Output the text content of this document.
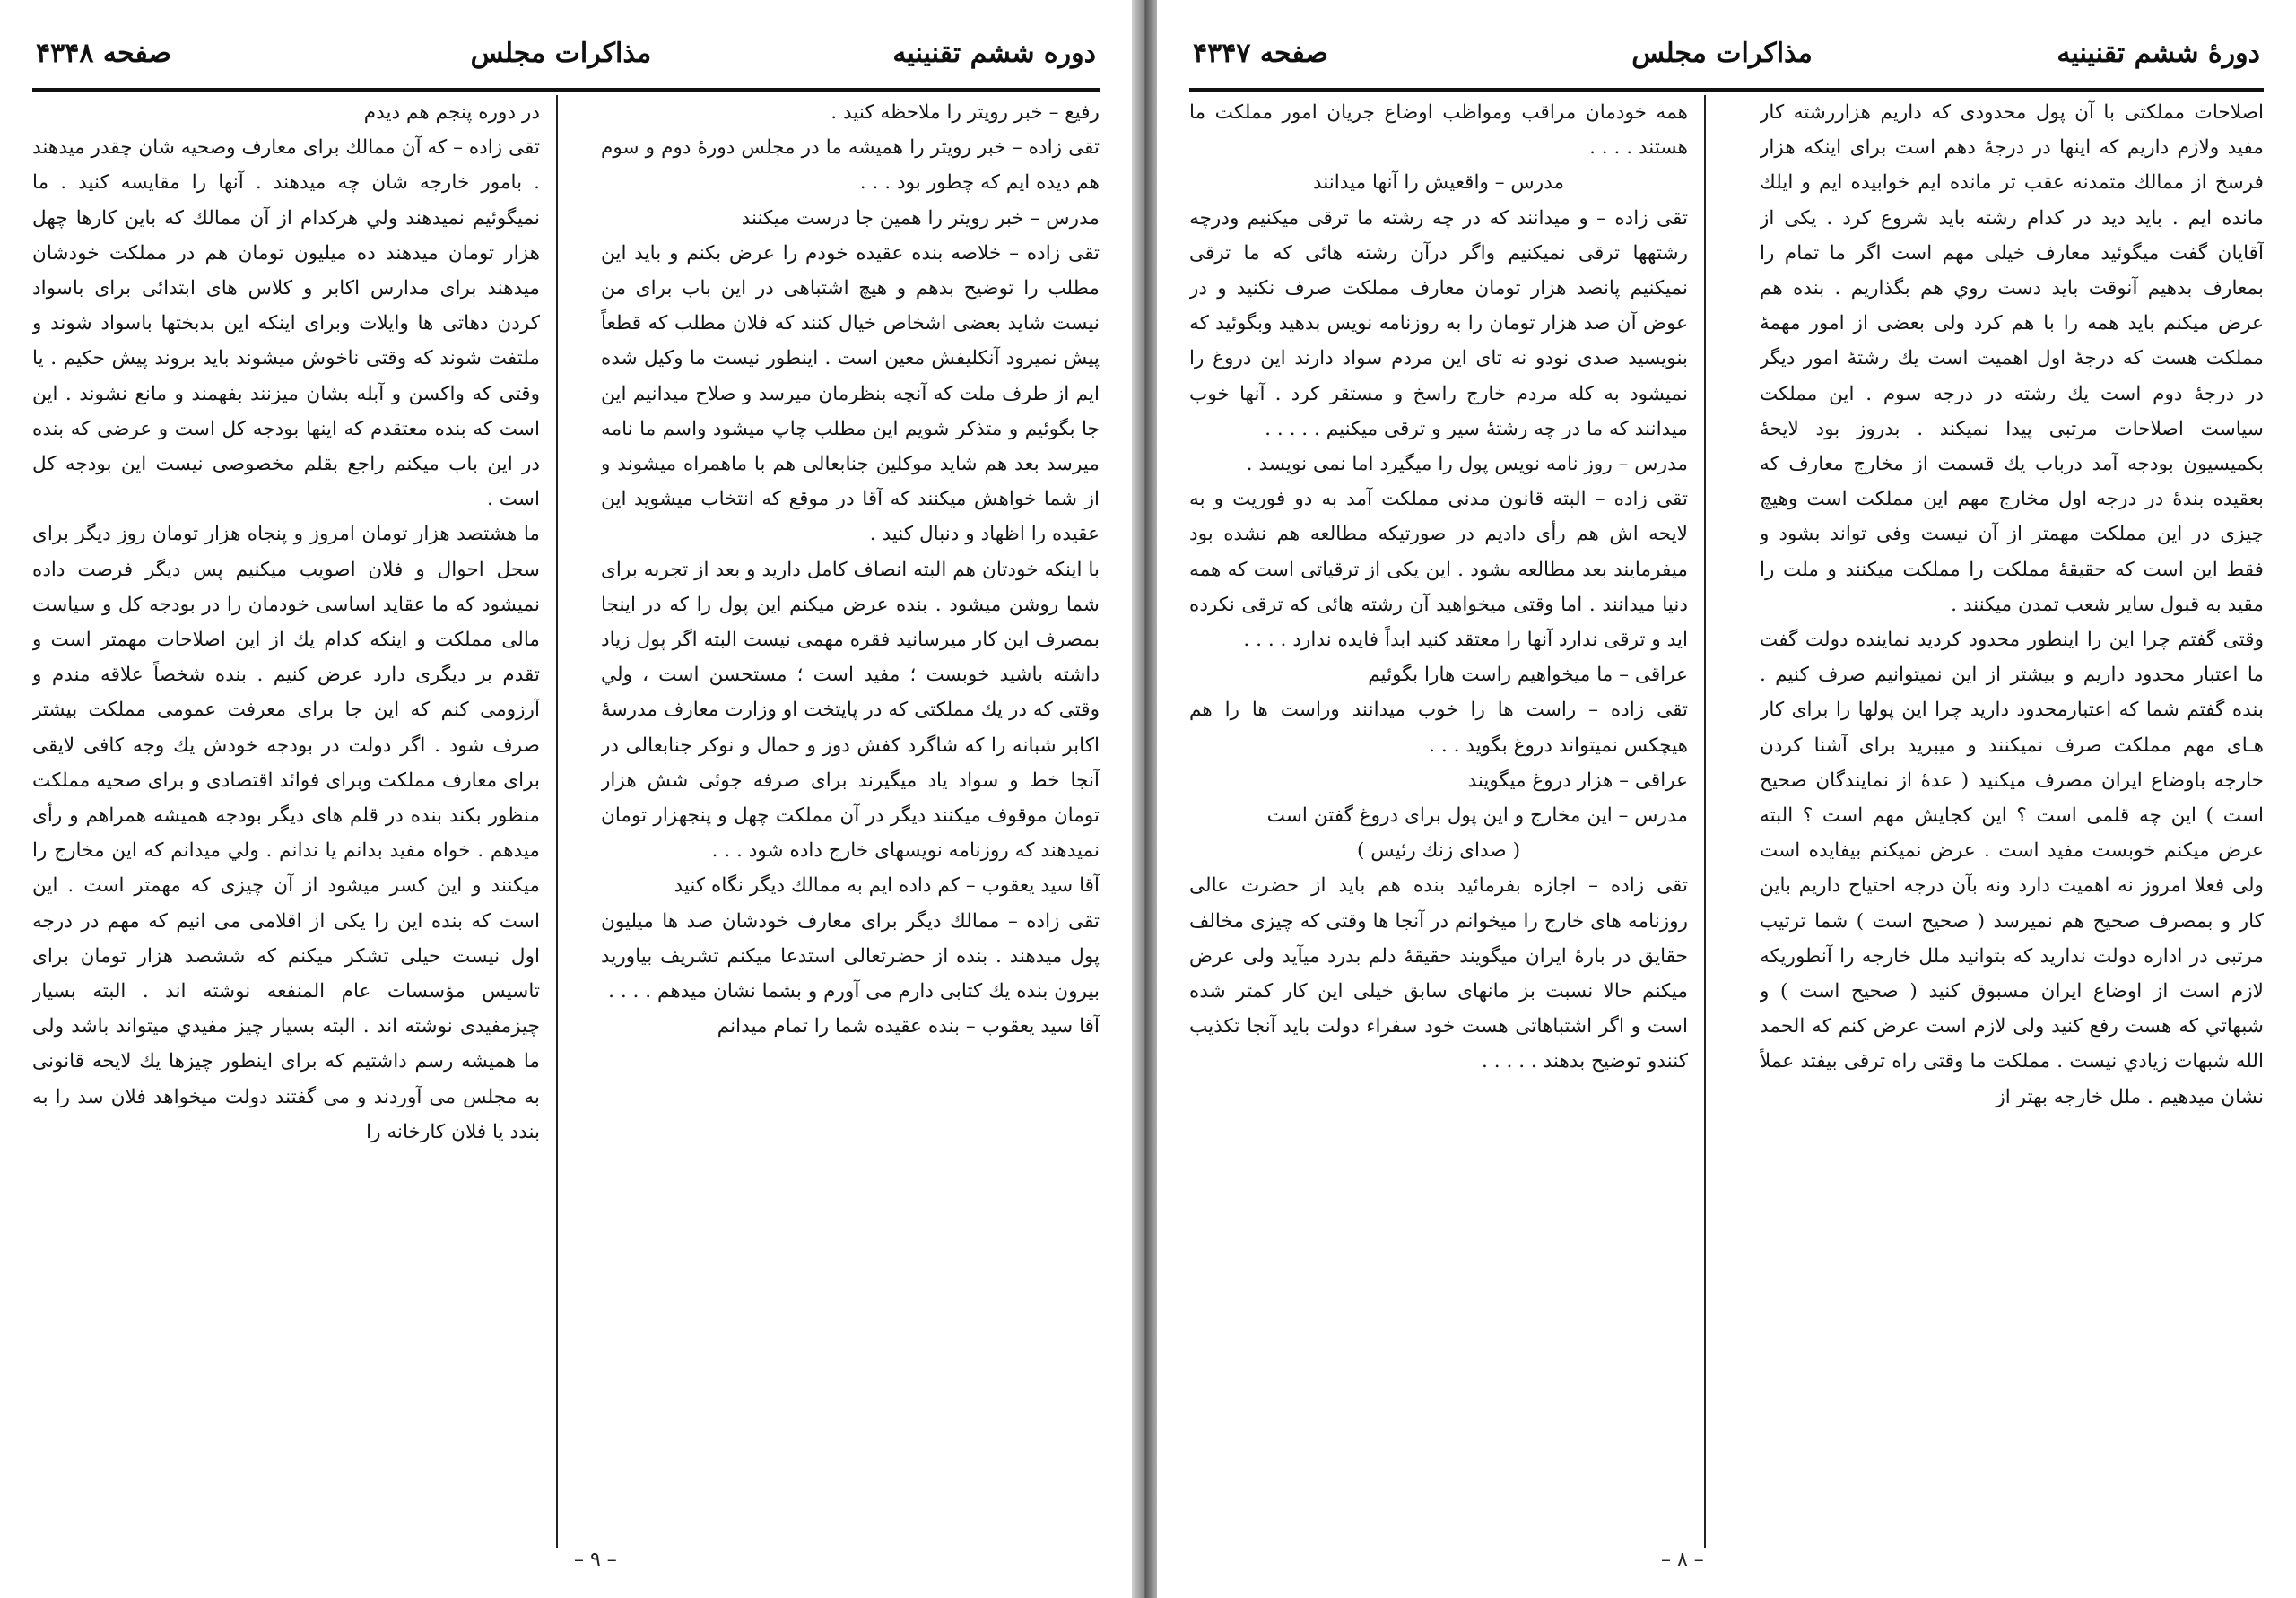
دوره ششم تقنینیه
مذاکرات مجلس
صفحه ۴۳۴۸

رفیع – خبر رویتر را ملاحظه کنید .

تقی زاده – خبر رویتر را همیشه ما در مجلس دورهٔ دوم و سوم هم دیده ایم که چطور بود . . .

مدرس – خبر رویتر را همین جا درست میکنند

تقی زاده – خلاصه بنده عقیده خودم را عرض بکنم و باید این مطلب را توضیح بدهم و هیچ اشتباهی در این باب برای من نیست شاید بعضی اشخاص خیال کنند که فلان مطلب که قطعاً پیش نمیرود آنکلیفش معین است . اینطور نیست ما وکیل شده ایم از طرف ملت که آنچه بنظرمان میرسد و صلاح میدانیم این جا بگوئیم و متذکر شویم این مطلب چاپ میشود واسم ما نامه میرسد بعد هم شاید موکلین جنابعالی هم با ماهمراه میشوند و از شما خواهش میکنند که آقا در موقع که انتخاب میشوید این عقیده را اظهاد و دنبال کنید .

با اینکه خودتان هم البته انصاف کامل دارید و بعد از تجربه برای شما روشن میشود . بنده عرض میکنم این پول را که در اینجا بمصرف این کار میرسانید فقره مهمی نیست البته اگر پول زیاد داشته باشید خوبست ؛ مفید است ؛ مستحسن است ، ولي وقتی که در یك مملکتی که در پایتخت او وزارت معارف مدرسهٔ اکابر شبانه را که شاگرد کفش دوز و حمال و نوکر جنابعالی در آنجا خط و سواد یاد میگیرند برای صرفه جوئی شش هزار تومان موقوف میکنند دیگر در آن مملکت چهل و پنجهزار تومان نمیدهند که روزنامه نویسهای خارج داده شود . . .

آقا سید یعقوب – کم داده ایم به ممالك دیگر نگاه کنید

تقی زاده – ممالك دیگر برای معارف خودشان صد ها میلیون پول میدهند . بنده از حضرتعالی استدعا میکنم تشریف بیاورید بیرون بنده یك کتابی دارم می آورم و بشما نشان میدهم . . . .

آقا سید یعقوب – بنده عقیده شما را تمام میدانم

در دوره پنجم هم دیدم

تقی زاده – که آن ممالك برای معارف وصحیه شان چقدر میدهند . بامور خارجه شان چه میدهند . آنها را مقایسه کنید . ما نمیگوئیم نمیدهند ولي هرکدام از آن ممالك که باین کارها چهل هزار تومان میدهند ده میلیون تومان هم در مملکت خودشان میدهند برای مدارس اکابر و کلاس های ابتدائی برای باسواد کردن دهاتی ها وایلات وبرای اینکه این بدبختها باسواد شوند و ملتفت شوند که وقتی ناخوش میشوند باید بروند پیش حکیم . یا وقتی که واکسن و آبله بشان میزنند بفهمند و مانع نشوند . این است که بنده معتقدم که اینها بودجه کل است و عرضی که بنده در این باب میکنم راجع بقلم مخصوصی نیست این بودجه کل است .

ما هشتصد هزار تومان امروز و پنجاه هزار تومان روز دیگر برای سجل احوال و فلان اصویب میکنیم پس دیگر فرصت داده نمیشود که ما عقاید اساسی خودمان را در بودجه کل و سیاست مالی مملکت و اینکه کدام یك از این اصلاحات مهمتر است و تقدم بر دیگری دارد عرض کنیم . بنده شخصاً علاقه مندم و آرزومی کنم که این جا برای معرفت عمومی مملکت بیشتر صرف شود . اگر دولت در بودجه خودش یك وجه کافی لایقی برای معارف مملکت وبرای فوائد اقتصادی و برای صحیه مملکت منظور بکند بنده در قلم های دیگر بودجه همیشه همراهم و رأی میدهم . خواه مفید بدانم یا ندانم . ولي میدانم که این مخارج را میکنند و این کسر میشود از آن چیزی که مهمتر است . این است که بنده این را یکی از اقلامی می انیم که مهم در درجه اول نیست حیلی تشکر میکنم که ششصد هزار تومان برای تاسیس مؤسسات عام المنفعه نوشته اند . البته بسیار چیزمفیدی نوشته اند . البته بسیار چیز مفیدي میتواند باشد ولی ما همیشه رسم داشتیم که برای اینطور چیزها یك لایحه قانونی به مجلس می آوردند و می گفتند دولت میخواهد فلان سد را به بندد یا فلان کارخانه را

– ۹ –
دورهٔ ششم تقنینیه
مذاکرات مجلس
صفحه ۴۳۴۷

اصلاحات مملکتی با آن پول محدودی که داریم هزاررشته کار مفید ولازم داریم که اینها در درجهٔ دهم است برای اینکه هزار فرسخ از ممالك متمدنه عقب تر مانده ایم خوابیده ایم و ایلك مانده ایم . باید دید در کدام رشته باید شروع کرد . یکی از آقایان گفت میگوئید معارف خیلی مهم است اگر ما تمام را بمعارف بدهیم آنوقت باید دست روي هم بگذاریم . بنده هم عرض میکنم باید همه را با هم کرد ولی بعضی از امور مهمهٔ مملکت هست که درجهٔ اول اهمیت است یك رشتهٔ امور دیگر در درجهٔ دوم است یك رشته در درجه سوم . این مملکت سیاست اصلاحات مرتبی پیدا نمیکند . بدروز بود لایحهٔ بکمیسیون بودجه آمد درباب یك قسمت از مخارج معارف که بعقیده بندهٔ در درجه اول مخارج مهم این مملکت است وهیچ چیزی در این مملکت مهمتر از آن نیست وفی تواند بشود و فقط این است که حقیقهٔ مملکت را مملکت میکنند و ملت را مقید به قبول سایر شعب تمدن میکنند .

وقتی گفتم چرا این را اینطور محدود کردید نماینده دولت گفت ما اعتبار محدود داریم و بیشتر از این نمیتوانیم صرف کنیم . بنده گفتم شما که اعتبارمحدود دارید چرا این پولها را برای کار هـای مهم مملکت صرف نمیکنند و میبرید برای آشنا کردن خارجه باوضاع ایران مصرف میکنید ( عدهٔ از نمایندگان صحیح است ) این چه قلمی است ؟ این کجایش مهم است ؟ البته عرض میکنم خوبست مفید است . عرض نمیکنم بیفایده است ولی فعلا امروز نه اهمیت دارد ونه بآن درجه احتیاج داریم باین کار و بمصرف صحیح هم نمیرسد ( صحیح است ) شما ترتیب مرتبی در اداره دولت ندارید که بتوانید ملل خارجه را آنطوریکه لازم است از اوضاع ایران مسبوق کنید ( صحیح است ) و شبهاتي که هست رفع کنید ولی لازم است عرض کنم که الحمد الله شبهات زیادي نیست . مملکت ما وقتی راه ترقی بیفتد عملاً نشان میدهیم . ملل خارجه بهتر از

همه خودمان مراقب ومواظب اوضاع جریان امور مملکت ما هستند . . . .

مدرس – واقعیش را آنها میدانند

تقی زاده – و میدانند که در چه رشته ما ترقی میکنیم ودرچه رشتهها ترقی نمیکنیم واگر درآن رشته هائی که ما ترقی نمیکنیم پانصد هزار تومان معارف مملکت صرف نکنید و در عوض آن صد هزار تومان را به روزنامه نویس بدهید وبگوئید که بنویسید صدی نودو نه تای این مردم سواد دارند این دروغ را نمیشود به کله مردم خارج راسخ و مستقر کرد . آنها خوب میدانند که ما در چه رشتهٔ سیر و ترقی میکنیم . . . . .

مدرس – روز نامه نویس پول را میگیرد اما نمی نویسد .

تقی زاده – البته قانون مدنی مملکت آمد به دو فوریت و به لایحه اش هم رأی دادیم در صورتیکه مطالعه هم نشده بود میفرمایند بعد مطالعه بشود . این یکی از ترقیاتی است که همه دنیا میدانند . اما وقتی میخواهید آن رشته هائی که ترقی نکرده اید و ترقی ندارد آنها را معتقد کنید ابداً فایده ندارد . . . .

عراقی – ما میخواهیم راست هارا بگوئیم

تقی زاده – راست ها را خوب میدانند وراست ها را هم هیچکس نمیتواند دروغ بگوید . . .

عراقی – هزار دروغ میگویند

مدرس – این مخارج و این پول برای دروغ گفتن است

( صدای زنك رئيس )

تقی زاده – اجازه بفرمائید بنده هم باید از حضرت عالی روزنامه های خارج را میخوانم در آنجا ها وقتی که چیزی مخالف حقایق در بارهٔ ایران میگویند حقیقهٔ دلم بدرد میآید ولی عرض میکنم حالا نسبت بز مانهای سابق خیلی این کار کمتر شده است و اگر اشتباهاتی هست خود سفراء دولت باید آنجا تکذیب کنندو توضیح بدهند . . . . .

– ۸ –
